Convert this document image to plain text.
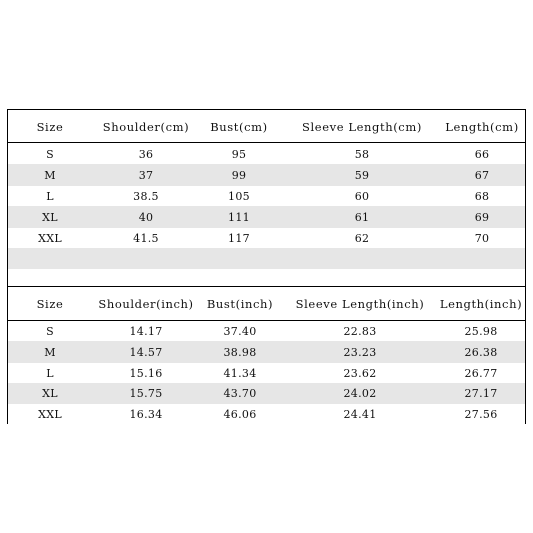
Size	Shoulder(cm)	Bust(cm)	Sleeve Length(cm)	Length(cm)
S	36	95	58	66
M	37	99	59	67
L	38.5	105	60	68
XL	40	111	61	69
XXL	41.5	117	62	70
Size	Shoulder(inch)	Bust(inch)	Sleeve Length(inch)	Length(inch)
S	14.17	37.40	22.83	25.98
M	14.57	38.98	23.23	26.38
L	15.16	41.34	23.62	26.77
XL	15.75	43.70	24.02	27.17
XXL	16.34	46.06	24.41	27.56
